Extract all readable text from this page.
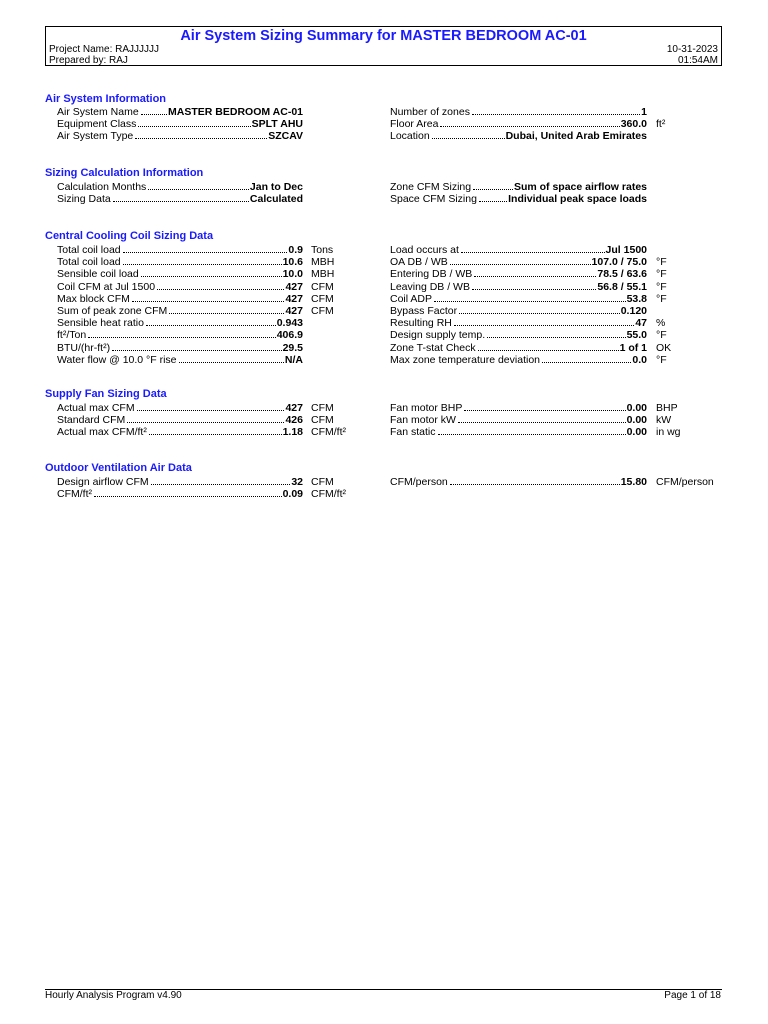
Air System Sizing Summary for MASTER BEDROOM AC-01
Project Name: RAJJJJJJ
Prepared by: RAJ
10-31-2023
01:54AM
Air System Information
Sizing Calculation Information
Central Cooling Coil Sizing Data
Supply Fan Sizing Data
Outdoor Ventilation Air Data
Air System Name	MASTER BEDROOM AC-01
Equipment Class	SPLT AHU
Air System Type	SZCAV
Number of zones	1
Floor Area	360.0 ft²
Location	Dubai, United Arab Emirates
Calculation Months	Jan to Dec
Sizing Data	Calculated
Zone CFM Sizing	Sum of space airflow rates
Space CFM Sizing	Individual peak space loads
Total coil load	0.9 Tons
Total coil load	10.6 MBH
Sensible coil load	10.0 MBH
Coil CFM at Jul 1500	427 CFM
Max block CFM	427 CFM
Sum of peak zone CFM	427 CFM
Sensible heat ratio	0.943
ft²/Ton	406.9
BTU/(hr-ft²)	29.5
Water flow @ 10.0 °F rise	N/A
Load occurs at	Jul 1500
OA DB / WB	107.0 / 75.0 °F
Entering DB / WB	78.5 / 63.6 °F
Leaving DB / WB	56.8 / 55.1 °F
Coil ADP	53.8 °F
Bypass Factor	0.120
Resulting RH	47 %
Design supply temp.	55.0 °F
Zone T-stat Check	1 of 1 OK
Max zone temperature deviation	0.0 °F
Actual max CFM	427 CFM
Standard CFM	426 CFM
Actual max CFM/ft²	1.18 CFM/ft²
Fan motor BHP	0.00 BHP
Fan motor kW	0.00 kW
Fan static	0.00 in wg
Design airflow CFM	32 CFM
CFM/ft²	0.09 CFM/ft²
CFM/person	15.80 CFM/person
Hourly Analysis Program v4.90	Page 1 of 18
